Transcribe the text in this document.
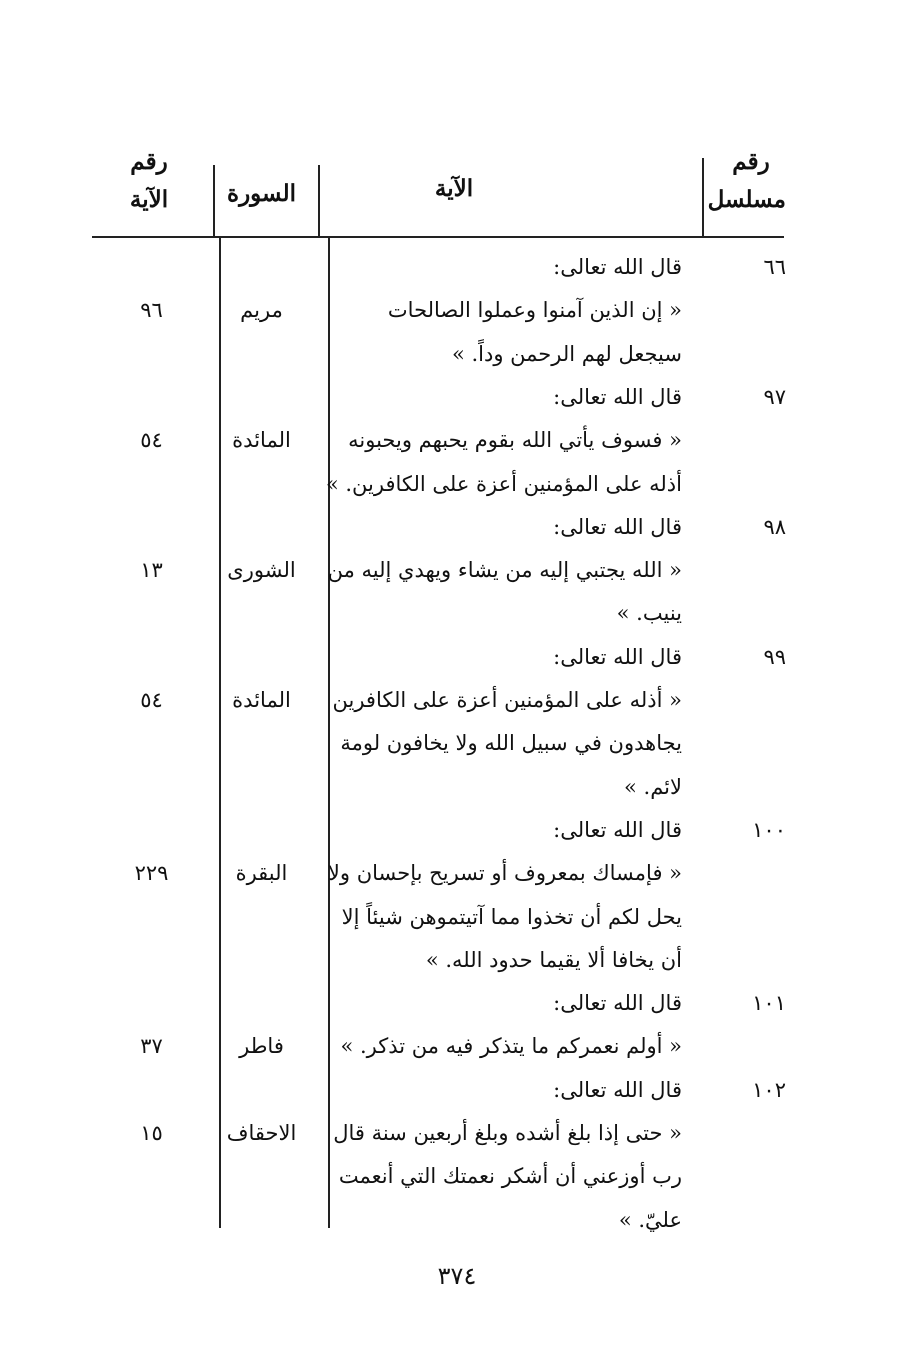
رقم مسلسل
الآية
السورة
رقم الآية
٦٦
قال الله تعالى:
« إن الذين آمنوا وعملوا الصالحات
سيجعل لهم الرحمن وداً. »
مريم
٩٦
٩٧
قال الله تعالى:
« فسوف يأتي الله بقوم يحبهم ويحبونه
أذله على المؤمنين أعزة على الكافرين. »
المائدة
٥٤
٩٨
قال الله تعالى:
« الله يجتبي إليه من يشاء ويهدي إليه من
ينيب. »
الشورى
١٣
٩٩
قال الله تعالى:
« أذله على المؤمنين أعزة على الكافرين
يجاهدون في سبيل الله ولا يخافون لومة
لائم. »
المائدة
٥٤
١٠٠
قال الله تعالى:
« فإمساك بمعروف أو تسريح بإحسان ولا
يحل لكم أن تخذوا مما آتيتموهن شيئاً إلا
أن يخافا ألا يقيما حدود الله. »
البقرة
٢٢٩
١٠١
قال الله تعالى:
« أولم نعمركم ما يتذكر فيه من تذكر. »
فاطر
٣٧
١٠٢
قال الله تعالى:
« حتى إذا بلغ أشده وبلغ أربعين سنة قال
رب أوزعني أن أشكر نعمتك التي أنعمت
عليّ. »
الاحقاف
١٥
٣٧٤
